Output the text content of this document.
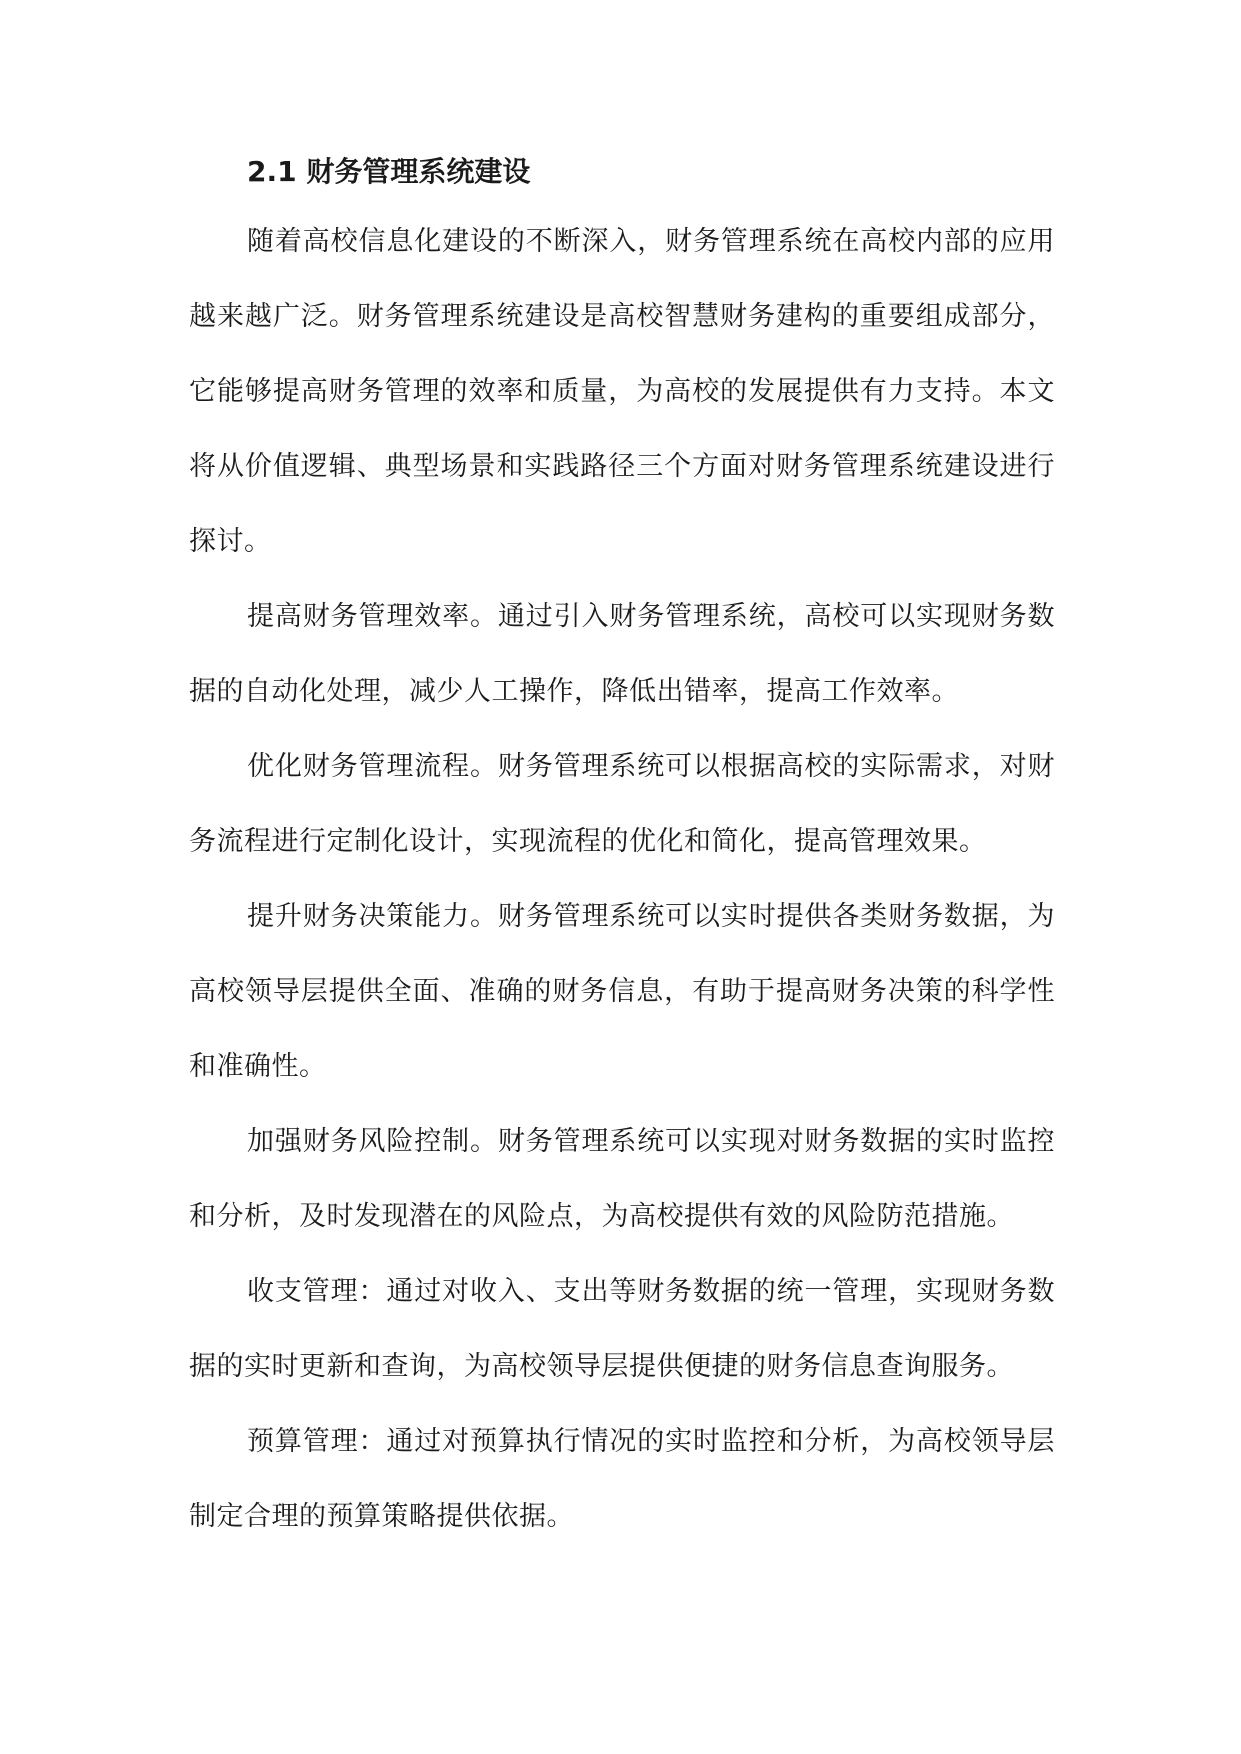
2.1 财务管理系统建设

随着高校信息化建设的不断深入，财务管理系统在高校内部的应用越来越广泛。财务管理系统建设是高校智慧财务建构的重要组成部分，它能够提高财务管理的效率和质量，为高校的发展提供有力支持。本文将从价值逻辑、典型场景和实践路径三个方面对财务管理系统建设进行探讨。

提高财务管理效率。通过引入财务管理系统，高校可以实现财务数据的自动化处理，减少人工操作，降低出错率，提高工作效率。

优化财务管理流程。财务管理系统可以根据高校的实际需求，对财务流程进行定制化设计，实现流程的优化和简化，提高管理效果。

提升财务决策能力。财务管理系统可以实时提供各类财务数据，为高校领导层提供全面、准确的财务信息，有助于提高财务决策的科学性和准确性。

加强财务风险控制。财务管理系统可以实现对财务数据的实时监控和分析，及时发现潜在的风险点，为高校提供有效的风险防范措施。

收支管理：通过对收入、支出等财务数据的统一管理，实现财务数据的实时更新和查询，为高校领导层提供便捷的财务信息查询服务。

预算管理：通过对预算执行情况的实时监控和分析，为高校领导层制定合理的预算策略提供依据。
